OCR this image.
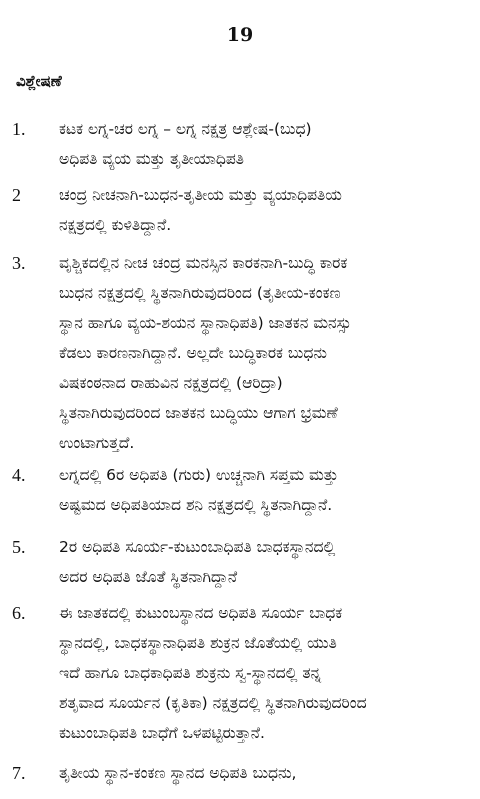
19
ವಿಶ್ಲೇಷಣೆ
1.	ಕಟಕ ಲಗ್ನ-ಚರ ಲಗ್ನ – ಲಗ್ನ ನಕ್ಷತ್ರ ಆಶ್ಲೇಷ-(ಬುಧ)
ಅಧಿಪತಿ ವ್ಯಯ ಮತ್ತು ತೃತೀಯಾಧಿಪತಿ
2	ಚಂದ್ರ ನೀಚನಾಗಿ-ಬುಧನ-ತೃತೀಯ ಮತ್ತು ವ್ಯಯಾಧಿಪತಿಯ
ನಕ್ಷತ್ರದಲ್ಲಿ ಕುಳಿತಿದ್ದಾನೆ.
3.	ವೃಶ್ಚಿಕದಲ್ಲಿನ ನೀಚ ಚಂದ್ರ ಮನಸ್ಸಿನ ಕಾರಕನಾಗಿ-ಬುದ್ಧಿ ಕಾರಕ
ಬುಧನ ನಕ್ಷತ್ರದಲ್ಲಿ ಸ್ಥಿತನಾಗಿರುವುದರಿಂದ (ತೃತೀಯ-ಕಂಕಣ
ಸ್ಥಾನ ಹಾಗೂ ವ್ಯಯ-ಶಯನ ಸ್ಥಾನಾಧಿಪತಿ) ಜಾತಕನ ಮನಸ್ಸು
ಕೆಡಲು ಕಾರಣನಾಗಿದ್ದಾನೆ. ಅಲ್ಲದೇ ಬುದ್ಧಿಕಾರಕ ಬುಧನು
ವಿಷಕಂಠನಾದ ರಾಹುವಿನ ನಕ್ಷತ್ರದಲ್ಲಿ (ಆರಿದ್ರಾ)
ಸ್ಥಿತನಾಗಿರುವುದರಿಂದ ಜಾತಕನ ಬುದ್ಧಿಯು ಆಗಾಗ ಭ್ರಮಣೆ
ಉಂಟಾಗುತ್ತದೆ.
4.	ಲಗ್ನದಲ್ಲಿ 6ರ ಅಧಿಪತಿ (ಗುರು) ಉಚ್ಚನಾಗಿ ಸಪ್ತಮ ಮತ್ತು
ಅಷ್ಟಮದ ಅಧಿಪತಿಯಾದ ಶನಿ ನಕ್ಷತ್ರದಲ್ಲಿ ಸ್ಥಿತನಾಗಿದ್ದಾನೆ.
5.	2ರ ಅಧಿಪತಿ ಸೂರ್ಯ-ಕುಟುಂಬಾಧಿಪತಿ ಬಾಧಕಸ್ಥಾನದಲ್ಲಿ
ಅದರ ಅಧಿಪತಿ ಜೊತೆ ಸ್ಥಿತನಾಗಿದ್ದಾನೆ
6.	ಈ ಜಾತಕದಲ್ಲಿ ಕುಟುಂಬಸ್ಥಾನದ ಅಧಿಪತಿ ಸೂರ್ಯ ಬಾಧಕ
ಸ್ಥಾನದಲ್ಲಿ, ಬಾಧಕಸ್ಥಾನಾಧಿಪತಿ ಶುಕ್ರನ ಜೊತೆಯಲ್ಲಿ ಯುತಿ
ಇದೆ ಹಾಗೂ ಬಾಧಕಾಧಿಪತಿ ಶುಕ್ರನು ಸ್ವ-ಸ್ಥಾನದಲ್ಲಿ ತನ್ನ
ಶತೃವಾದ ಸೂರ್ಯನ (ಕೃತಿಕಾ) ನಕ್ಷತ್ರದಲ್ಲಿ ಸ್ಥಿತನಾಗಿರುವುದರಿಂದ
ಕುಟುಂಬಾಧಿಪತಿ ಬಾಧೆಗೆ ಒಳಪಟ್ಟಿರುತ್ತಾನೆ.
7.	ತೃತೀಯ ಸ್ಥಾನ-ಕಂಕಣ ಸ್ಥಾನದ ಅಧಿಪತಿ ಬುಧನು,
